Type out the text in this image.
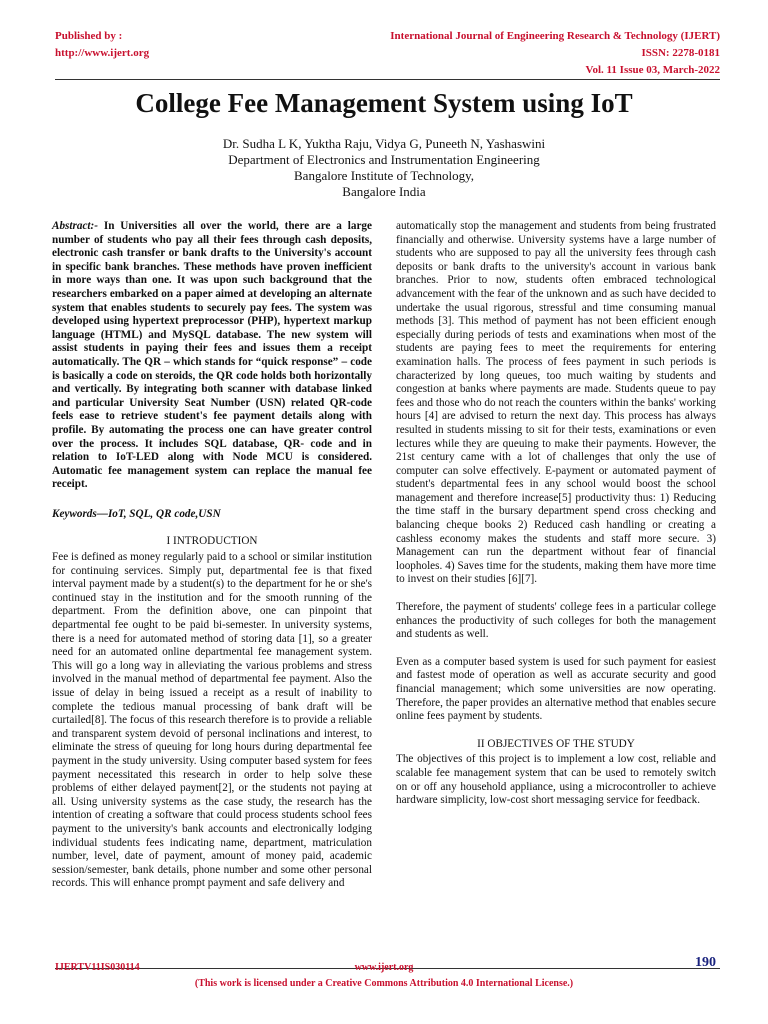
Published by :
http://www.ijert.org
International Journal of Engineering Research & Technology (IJERT)
ISSN: 2278-0181
Vol. 11 Issue 03, March-2022
College Fee Management System using IoT
Dr. Sudha L K, Yuktha Raju, Vidya G, Puneeth N, Yashaswini
Department of Electronics and Instrumentation Engineering
Bangalore Institute of Technology,
Bangalore India

Abstract:- In Universities all over the world, there are a large number of students who pay all their fees through cash deposits, electronic cash transfer or bank drafts to the University's account in specific bank branches. These methods have proven inefficient in more ways than one. It was upon such background that the researchers embarked on a paper aimed at developing an alternate system that enables students to securely pay fees. The system was developed using hypertext preprocessor (PHP), hypertext markup language (HTML) and MySQL database. The new system will assist students in paying their fees and issues them a receipt automatically. The QR – which stands for “quick response” – code is basically a code on steroids, the QR code holds both horizontally and vertically. By integrating both scanner with database linked and particular University Seat Number (USN) related QR-code feels ease to retrieve student's fee payment details along with profile. By automating the process one can have greater control over the process. It includes SQL database, QR- code and in relation to IoT-LED along with Node MCU is considered. Automatic fee management system can replace the manual fee receipt.

Keywords—IoT, SQL, QR code,USN

I INTRODUCTION

Fee is defined as money regularly paid to a school or similar institution for continuing services. Simply put, departmental fee is that fixed interval payment made by a student(s) to the department for he or she's continued stay in the institution and for the smooth running of the department. From the definition above, one can pinpoint that departmental fee ought to be paid bi-semester. In university systems, there is a need for automated method of storing data [1], so a greater need for an automated online departmental fee management system. This will go a long way in alleviating the various problems and stress involved in the manual method of departmental fee payment. Also the issue of delay in being issued a receipt as a result of inability to complete the tedious manual processing of bank draft will be curtailed[8]. The focus of this research therefore is to provide a reliable and transparent system devoid of personal inclinations and interest, to eliminate the stress of queuing for long hours during departmental fee payment in the study university. Using computer based system for fees payment necessitated this research in order to help solve these problems of either delayed payment[2], or the students not paying at all. Using university systems as the case study, the research has the intention of creating a software that could process students school fees payment to the university's bank accounts and electronically lodging individual students fees indicating name, department, matriculation number, level, date of payment, amount of money paid, academic session/semester, bank details, phone number and some other personal records. This will enhance prompt payment and safe delivery and

automatically stop the management and students from being frustrated financially and otherwise. University systems have a large number of students who are supposed to pay all the university fees through cash deposits or bank drafts to the university's account in various bank branches. Prior to now, students often embraced technological advancement with the fear of the unknown and as such have decided to undertake the usual rigorous, stressful and time consuming manual methods [3]. This method of payment has not been efficient enough especially during periods of tests and examinations when most of the students are paying fees to meet the requirements for entering examination halls. The process of fees payment in such periods is characterized by long queues, too much waiting by students and congestion at banks where payments are made. Students queue to pay fees and those who do not reach the counters within the banks' working hours [4] are advised to return the next day. This process has always resulted in students missing to sit for their tests, examinations or even lectures while they are queuing to make their payments. However, the 21st century came with a lot of challenges that only the use of computer can solve effectively. E-payment or automated payment of student's departmental fees in any school would boost the school management and therefore increase[5] productivity thus: 1) Reducing the time staff in the bursary department spend cross checking and balancing cheque books 2) Reduced cash handling or creating a cashless economy makes the students and staff more secure. 3) Management can run the department without fear of financial loopholes. 4) Saves time for the students, making them have more time to invest on their studies [6][7].

Therefore, the payment of students' college fees in a particular college enhances the productivity of such colleges for both the management and students as well.

Even as a computer based system is used for such payment for easiest and fastest mode of operation as well as accurate security and good financial management; which some universities are now operating. Therefore, the paper provides an alternative method that enables secure online fees payment by students.

II OBJECTIVES OF THE STUDY

The objectives of this project is to implement a low cost, reliable and scalable fee management system that can be used to remotely switch on or off any household appliance, using a microcontroller to achieve hardware simplicity, low-cost short messaging service for feedback.

IJERTV11IS030114	www.ijert.org	190
(This work is licensed under a Creative Commons Attribution 4.0 International License.)
